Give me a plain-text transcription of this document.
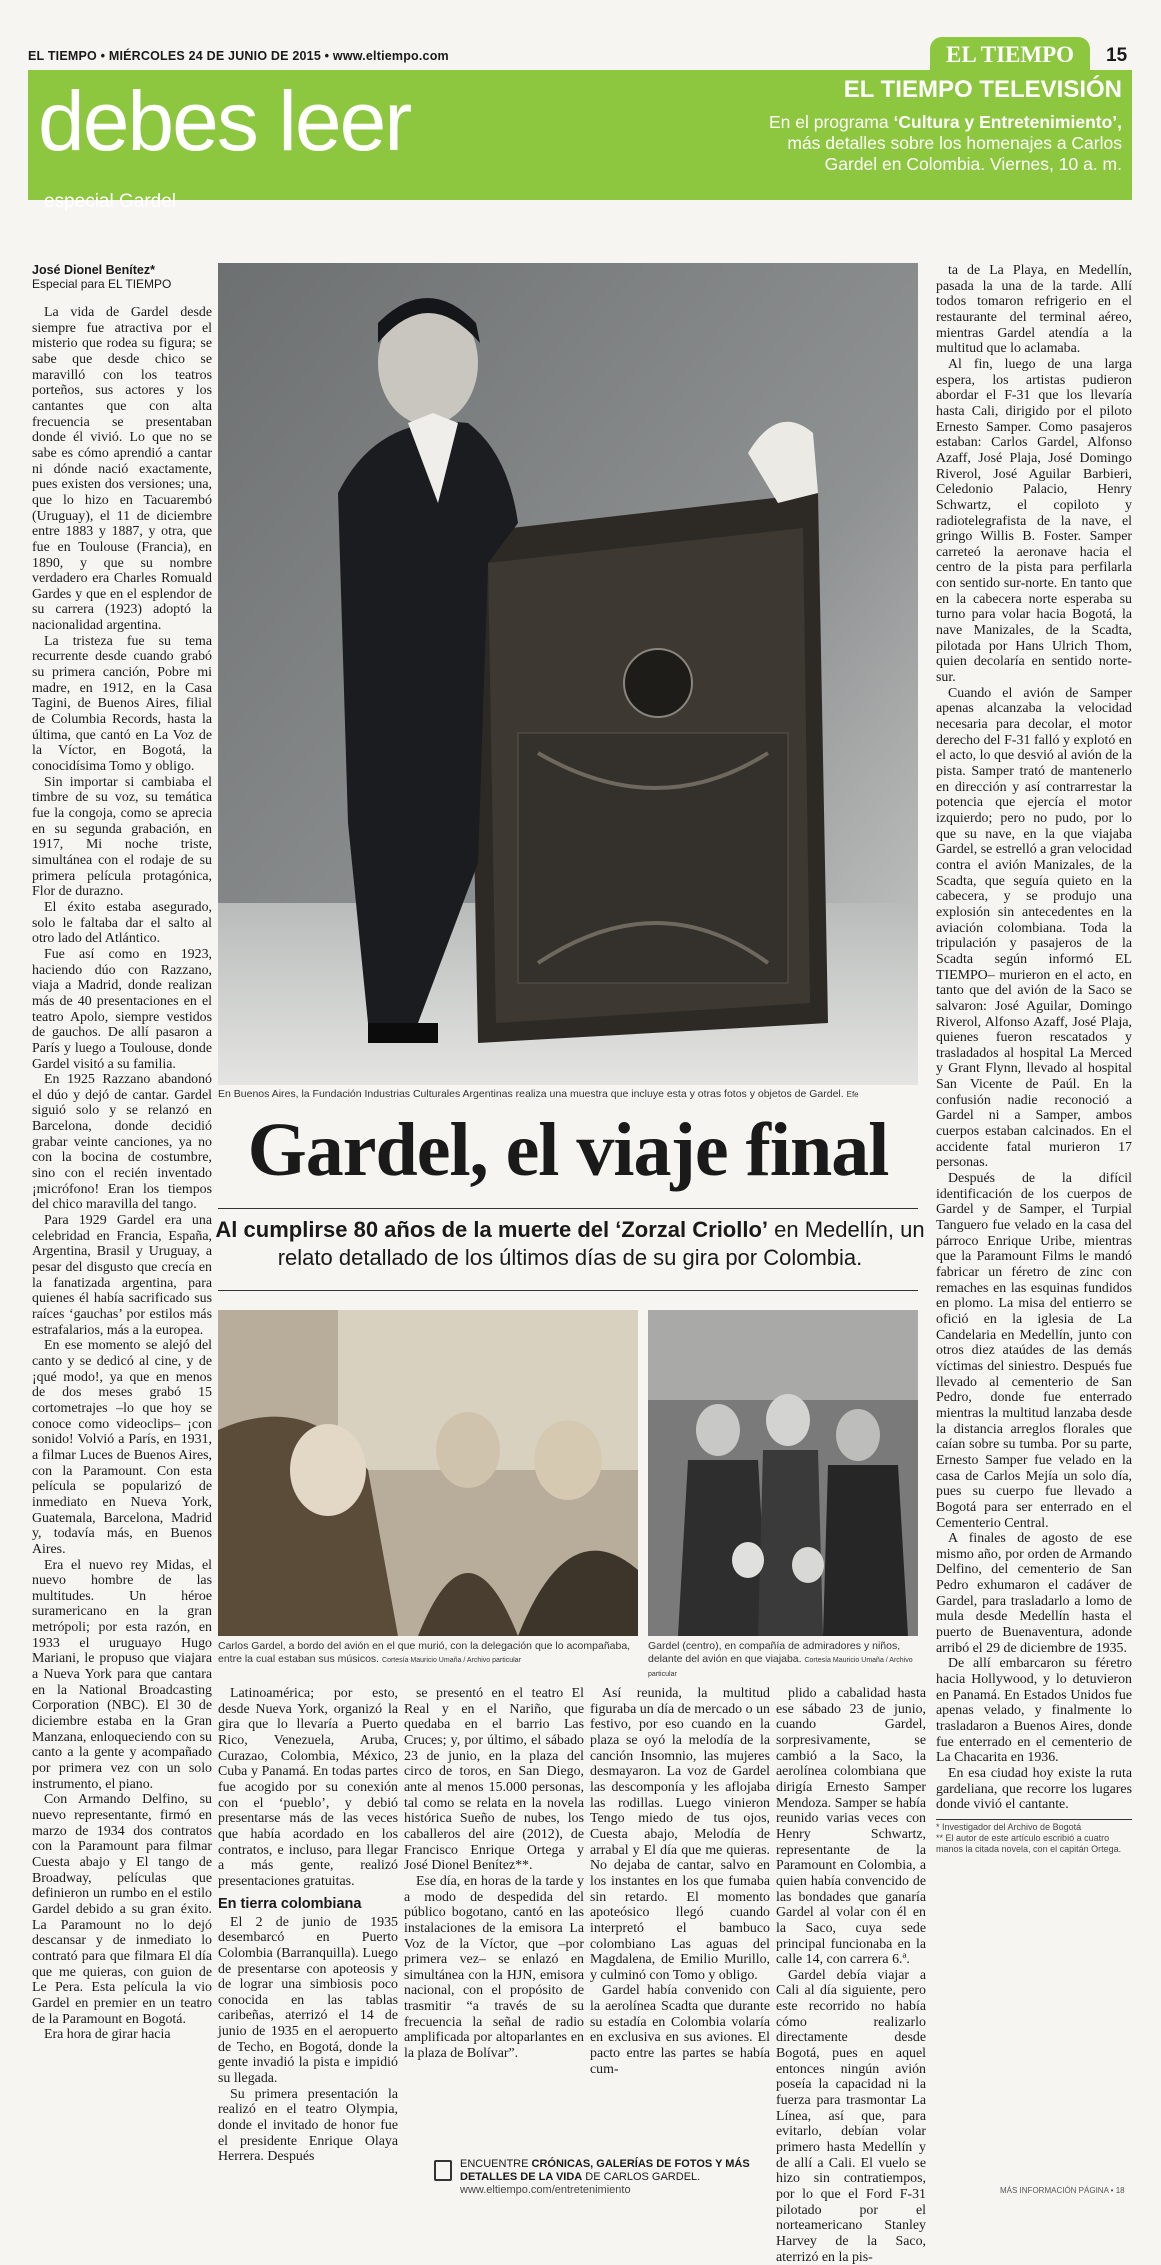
EL TIEMPO • MIÉRCOLES 24 DE JUNIO DE 2015 • www.eltiempo.com	EL TIEMPO	15
debes leer
especial Gardel
EL TIEMPO TELEVISIÓN
En el programa ‘Cultura y Entretenimiento’, más detalles sobre los homenajes a Carlos Gardel en Colombia. Viernes, 10 a. m.
José Dionel Benítez*
Especial para EL TIEMPO

La vida de Gardel desde siempre fue atractiva por el misterio que rodea su figura; se sabe que desde chico se maravilló con los teatros porteños, sus actores y los cantantes que con alta frecuencia se presentaban donde él vivió. Lo que no se sabe es cómo aprendió a cantar ni dónde nació exactamente, pues existen dos versiones; una, que lo hizo en Tacuarembó (Uruguay), el 11 de diciembre entre 1883 y 1887, y otra, que fue en Toulouse (Francia), en 1890, y que su nombre verdadero era Charles Romuald Gardes y que en el esplendor de su carrera (1923) adoptó la nacionalidad argentina.

La tristeza fue su tema recurrente desde cuando grabó su primera canción, Pobre mi madre, en 1912, en la Casa Tagini, de Buenos Aires, filial de Columbia Records, hasta la última, que cantó en La Voz de la Víctor, en Bogotá, la conocidísima Tomo y obligo.

Sin importar si cambiaba el timbre de su voz, su temática fue la congoja, como se aprecia en su segunda grabación, en 1917, Mi noche triste, simultánea con el rodaje de su primera película protagónica, Flor de durazno.

El éxito estaba asegurado, solo le faltaba dar el salto al otro lado del Atlántico.

Fue así como en 1923, haciendo dúo con Razzano, viaja a Madrid, donde realizan más de 40 presentaciones en el teatro Apolo, siempre vestidos de gauchos. De allí pasaron a París y luego a Toulouse, donde Gardel visitó a su familia.

En 1925 Razzano abandonó el dúo y dejó de cantar. Gardel siguió solo y se relanzó en Barcelona, donde decidió grabar veinte canciones, ya no con la bocina de costumbre, sino con el recién inventado ¡micrófono! Eran los tiempos del chico maravilla del tango.

Para 1929 Gardel era una celebridad en Francia, España, Argentina, Brasil y Uruguay, a pesar del disgusto que crecía en la fanatizada argentina, para quienes él había sacrificado sus raíces ‘gauchas’ por estilos más estrafalarios, más a la europea.

En ese momento se alejó del canto y se dedicó al cine, y de ¡qué modo!, ya que en menos de dos meses grabó 15 cortometrajes –lo que hoy se conoce como videoclips– ¡con sonido! Volvió a París, en 1931, a filmar Luces de Buenos Aires, con la Paramount. Con esta película se popularizó de inmediato en Nueva York, Guatemala, Barcelona, Madrid y, todavía más, en Buenos Aires.

Era el nuevo rey Midas, el nuevo hombre de las multitudes. Un héroe suramericano en la gran metrópoli; por esta razón, en 1933 el uruguayo Hugo Mariani, le propuso que viajara a Nueva York para que cantara en la National Broadcasting Corporation (NBC). El 30 de diciembre estaba en la Gran Manzana, enloqueciendo con su canto a la gente y acompañado por primera vez con un solo instrumento, el piano.

Con Armando Delfino, su nuevo representante, firmó en marzo de 1934 dos contratos con la Paramount para filmar Cuesta abajo y El tango de Broadway, películas que definieron un rumbo en el estilo Gardel debido a su gran éxito. La Paramount no lo dejó descansar y de inmediato lo contrató para que filmara El día que me quieras, con guion de Le Pera. Esta película la vio Gardel en premier en un teatro de la Paramount en Bogotá.

Era hora de girar hacia

En Buenos Aires, la Fundación Industrias Culturales Argentinas realiza una muestra que incluye esta y otras fotos y objetos de Gardel. Efe
Gardel, el viaje final
Al cumplirse 80 años de la muerte del ‘Zorzal Criollo’ en Medellín, un relato detallado de los últimos días de su gira por Colombia.
Carlos Gardel, a bordo del avión en el que murió, con la delegación que lo acompañaba, entre la cual estaban sus músicos. Cortesía Mauricio Umaña / Archivo particular
Gardel (centro), en compañía de admiradores y niños, delante del avión en que viajaba. Cortesía Mauricio Umaña / Archivo particular

Latinoamérica; por esto, desde Nueva York, organizó la gira que lo llevaría a Puerto Rico, Venezuela, Aruba, Curazao, Colombia, México, Cuba y Panamá. En todas partes fue acogido por su conexión con el ‘pueblo’, y debió presentarse más de las veces que había acordado en los contratos, e incluso, para llegar a más gente, realizó presentaciones gratuitas.

En tierra colombiana

El 2 de junio de 1935 desembarcó en Puerto Colombia (Barranquilla). Luego de presentarse con apoteosis y de lograr una simbiosis poco conocida en las tablas caribeñas, aterrizó el 14 de junio de 1935 en el aeropuerto de Techo, en Bogotá, donde la gente invadió la pista e impidió su llegada.

Su primera presentación la realizó en el teatro Olympia, donde el invitado de honor fue el presidente Enrique Olaya Herrera. Después

se presentó en el teatro El Real y en el Nariño, que quedaba en el barrio Las Cruces; y, por último, el sábado 23 de junio, en la plaza del circo de toros, en San Diego, ante al menos 15.000 personas, tal como se relata en la novela histórica Sueño de nubes, los caballeros del aire (2012), de Francisco Enrique Ortega y José Dionel Benítez**.

Ese día, en horas de la tarde y a modo de despedida del público bogotano, cantó en las instalaciones de la emisora La Voz de la Víctor, que –por primera vez– se enlazó en simultánea con la HJN, emisora nacional, con el propósito de trasmitir “a través de su frecuencia la señal de radio amplificada por altoparlantes en la plaza de Bolívar”.

Así reunida, la multitud figuraba un día de mercado o un festivo, por eso cuando en la plaza se oyó la melodía de la canción Insomnio, las mujeres desmayaron. La voz de Gardel las descomponía y les aflojaba las rodillas. Luego vinieron Tengo miedo de tus ojos, Cuesta abajo, Melodía de arrabal y El día que me quieras. No dejaba de cantar, salvo en los instantes en los que fumaba sin retardo. El momento apoteósico llegó cuando interpretó el bambuco colombiano Las aguas del Magdalena, de Emilio Murillo, y culminó con Tomo y obligo.

Gardel había convenido con la aerolínea Scadta que durante su estadía en Colombia volaría en exclusiva en sus aviones. El pacto entre las partes se había cum-

plido a cabalidad hasta ese sábado 23 de junio, cuando Gardel, sorpresivamente, se cambió a la Saco, la aerolínea colombiana que dirigía Ernesto Samper Mendoza. Samper se había reunido varias veces con Henry Schwartz, representante de la Paramount en Colombia, a quien había convencido de las bondades que ganaría Gardel al volar con él en la Saco, cuya sede principal funcionaba en la calle 14, con carrera 6.ª.

Gardel debía viajar a Cali al día siguiente, pero este recorrido no había cómo realizarlo directamente desde Bogotá, pues en aquel entonces ningún avión poseía la capacidad ni la fuerza para trasmontar La Línea, así que, para evitarlo, debían volar primero hasta Medellín y de allí a Cali. El vuelo se hizo sin contratiempos, por lo que el Ford F-31 pilotado por el norteamericano Stanley Harvey de la Saco, aterrizó en la pis-

ENCUENTRE CRÓNICAS, GALERÍAS DE FOTOS Y MÁS DETALLES DE LA VIDA DE CARLOS GARDEL.
www.eltiempo.com/entretenimiento

ta de La Playa, en Medellín, pasada la una de la tarde. Allí todos tomaron refrigerio en el restaurante del terminal aéreo, mientras Gardel atendía a la multitud que lo aclamaba.

Al fin, luego de una larga espera, los artistas pudieron abordar el F-31 que los llevaría hasta Cali, dirigido por el piloto Ernesto Samper. Como pasajeros estaban: Carlos Gardel, Alfonso Azaff, José Plaja, José Domingo Riverol, José Aguilar Barbieri, Celedonio Palacio, Henry Schwartz, el copiloto y radiotelegrafista de la nave, el gringo Willis B. Foster. Samper carreteó la aeronave hacia el centro de la pista para perfilarla con sentido sur-norte. En tanto que en la cabecera norte esperaba su turno para volar hacia Bogotá, la nave Manizales, de la Scadta, pilotada por Hans Ulrich Thom, quien decolaría en sentido norte-sur.

Cuando el avión de Samper apenas alcanzaba la velocidad necesaria para decolar, el motor derecho del F-31 falló y explotó en el acto, lo que desvió al avión de la pista. Samper trató de mantenerlo en dirección y así contrarrestar la potencia que ejercía el motor izquierdo; pero no pudo, por lo que su nave, en la que viajaba Gardel, se estrelló a gran velocidad contra el avión Manizales, de la Scadta, que seguía quieto en la cabecera, y se produjo una explosión sin antecedentes en la aviación colombiana. Toda la tripulación y pasajeros de la Scadta según informó EL TIEMPO– murieron en el acto, en tanto que del avión de la Saco se salvaron: José Aguilar, Domingo Riverol, Alfonso Azaff, José Plaja, quienes fueron rescatados y trasladados al hospital La Merced y Grant Flynn, llevado al hospital San Vicente de Paúl. En la confusión nadie reconoció a Gardel ni a Samper, ambos cuerpos estaban calcinados. En el accidente fatal murieron 17 personas.

Después de la difícil identificación de los cuerpos de Gardel y de Samper, el Turpial Tanguero fue velado en la casa del párroco Enrique Uribe, mientras que la Paramount Films le mandó fabricar un féretro de zinc con remaches en las esquinas fundidos en plomo. La misa del entierro se ofició en la iglesia de La Candelaria en Medellín, junto con otros diez ataúdes de las demás víctimas del siniestro. Después fue llevado al cementerio de San Pedro, donde fue enterrado mientras la multitud lanzaba desde la distancia arreglos florales que caían sobre su tumba. Por su parte, Ernesto Samper fue velado en la casa de Carlos Mejía un solo día, pues su cuerpo fue llevado a Bogotá para ser enterrado en el Cementerio Central.

A finales de agosto de ese mismo año, por orden de Armando Delfino, del cementerio de San Pedro exhumaron el cadáver de Gardel, para trasladarlo a lomo de mula desde Medellín hasta el puerto de Buenaventura, adonde arribó el 29 de diciembre de 1935.

De allí embarcaron su féretro hacia Hollywood, y lo detuvieron en Panamá. En Estados Unidos fue apenas velado, y finalmente lo trasladaron a Buenos Aires, donde fue enterrado en el cementerio de La Chacarita en 1936.

En esa ciudad hoy existe la ruta gardeliana, que recorre los lugares donde vivió el cantante.

* Investigador del Archivo de Bogotá
** El autor de este artículo escribió a cuatro manos la citada novela, con el capitán Ortega.
MÁS INFORMACIÓN PÁGINA • 18
